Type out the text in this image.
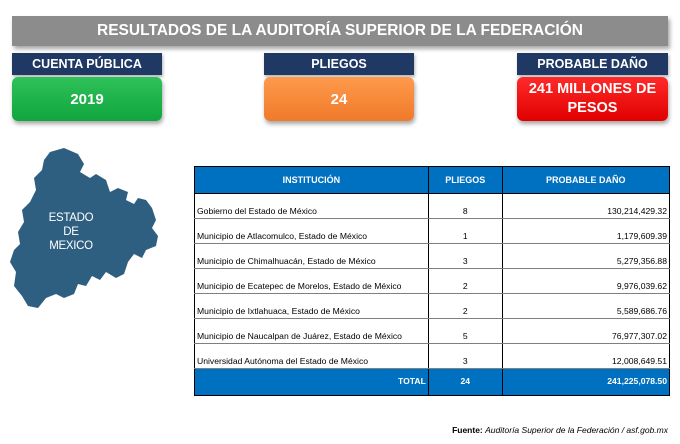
RESULTADOS DE LA AUDITORÍA SUPERIOR DE LA FEDERACIÓN
CUENTA PÚBLICA
2019
PLIEGOS
24
PROBABLE DAÑO
241 MILLONES DE
PESOS
ESTADO
DE
MEXICO
INSTITUCIÓN	PLIEGOS	PROBABLE DAÑO
Gobierno del Estado de México	8	130,214,429.32
Municipio de Atlacomulco, Estado de México	1	1,179,609.39
Municipio de Chimalhuacán, Estado de México	3	5,279,356.88
Municipio de Ecatepec de Morelos, Estado de México	2	9,976,039.62
Municipio de Ixtlahuaca, Estado de México	2	5,589,686.76
Municipio de Naucalpan de Juárez, Estado de México	5	76,977,307.02
Universidad Autónoma del Estado de México	3	12,008,649.51
TOTAL	24	241,225,078.50
Fuente: Auditoría Superior de la Federación / asf.gob.mx
